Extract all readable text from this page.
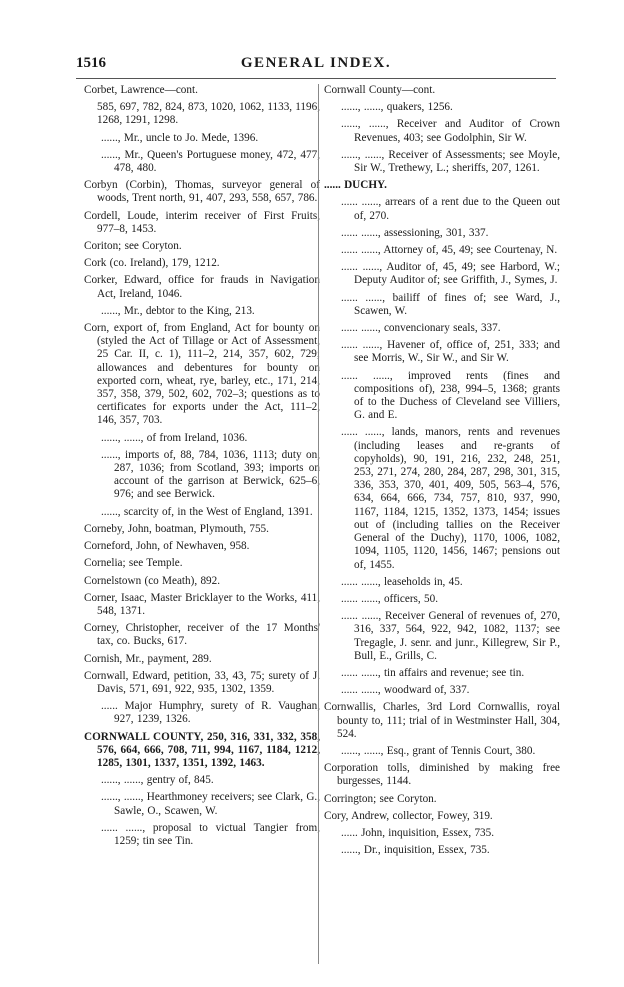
1516	GENERAL INDEX.
Corbet, Lawrence—cont.
585, 697, 782, 824, 873, 1020, 1062, 1133, 1196, 1268, 1291, 1298.
......, Mr., uncle to Jo. Mede, 1396.
......, Mr., Queen's Portuguese money, 472, 477, 478, 480.
Corbyn (Corbin), Thomas, surveyor general of woods, Trent north, 91, 407, 293, 558, 657, 786.
Cordell, Loude, interim receiver of First Fruits, 977–8, 1453.
Coriton; see Coryton.
Cork (co. Ireland), 179, 1212.
Corker, Edward, office for frauds in Navigation Act, Ireland, 1046.
......, Mr., debtor to the King, 213.
Corn, export of, from England, Act for bounty on (styled the Act of Tillage or Act of Assessment, 25 Car. II, c. 1), 111–2, 214, 357, 602, 729; allowances and debentures for bounty on exported corn, wheat, rye, barley, etc., 171, 214, 357, 358, 379, 502, 602, 702–3; questions as to certificates for exports under the Act, 111–2, 146, 357, 703.
......, ......, of from Ireland, 1036.
......, imports of, 88, 784, 1036, 1113; duty on, 287, 1036; from Scotland, 393; imports on account of the garrison at Berwick, 625–6, 976; and see Berwick.
......, scarcity of, in the West of England, 1391.
Corneby, John, boatman, Plymouth, 755.
Corneford, John, of Newhaven, 958.
Cornelia; see Temple.
Cornelstown (co Meath), 892.
Corner, Isaac, Master Bricklayer to the Works, 411, 548, 1371.
Corney, Christopher, receiver of the 17 Months' tax, co. Bucks, 617.
Cornish, Mr., payment, 289.
Cornwall, Edward, petition, 33, 43, 75; surety of J. Davis, 571, 691, 922, 935, 1302, 1359.
...... Major Humphry, surety of R. Vaughan, 927, 1239, 1326.
CORNWALL COUNTY, 250, 316, 331, 332, 358, 576, 664, 666, 708, 711, 994, 1167, 1184, 1212, 1285, 1301, 1337, 1351, 1392, 1463.
......, ......, gentry of, 845.
......, ......, Hearthmoney receivers; see Clark, G., Sawle, O., Scawen, W.
...... ......, proposal to victual Tangier from, 1259; tin see Tin.
Cornwall County—cont.
......, ......, quakers, 1256.
......, ......, Receiver and Auditor of Crown Revenues, 403; see Godolphin, Sir W.
......, ......, Receiver of Assessments; see Moyle, Sir W., Trethewy, L.; sheriffs, 207, 1261.
...... DUCHY.
...... ......, arrears of a rent due to the Queen out of, 270.
...... ......, assessioning, 301, 337.
...... ......, Attorney of, 45, 49; see Courtenay, N.
...... ......, Auditor of, 45, 49; see Harbord, W.; Deputy Auditor of; see Griffith, J., Symes, J.
...... ......, bailiff of fines of; see Ward, J., Scawen, W.
...... ......, convencionary seals, 337.
...... ......, Havener of, office of, 251, 333; and see Morris, W., Sir W., and Sir W.
...... ......, improved rents (fines and compositions of), 238, 994–5, 1368; grants of to the Duchess of Cleveland see Villiers, G. and E.
...... ......, lands, manors, rents and revenues (including leases and re-grants of copyholds), 90, 191, 216, 232, 248, 251, 253, 271, 274, 280, 284, 287, 298, 301, 315, 336, 353, 370, 401, 409, 505, 563–4, 576, 634, 664, 666, 734, 757, 810, 937, 990, 1167, 1184, 1215, 1352, 1373, 1454; issues out of (including tallies on the Receiver General of the Duchy), 1170, 1006, 1082, 1094, 1105, 1120, 1456, 1467; pensions out of, 1455.
...... ......, leaseholds in, 45.
...... ......, officers, 50.
...... ......, Receiver General of revenues of, 270, 316, 337, 564, 922, 942, 1082, 1137; see Tregagle, J. senr. and junr., Killegrew, Sir P., Bull, E., Grills, C.
...... ......, tin affairs and revenue; see tin.
...... ......, woodward of, 337.
Cornwallis, Charles, 3rd Lord Cornwallis, royal bounty to, 111; trial of in Westminster Hall, 304, 524.
......, ......, Esq., grant of Tennis Court, 380.
Corporation tolls, diminished by making free burgesses, 1144.
Corrington; see Coryton.
Cory, Andrew, collector, Fowey, 319.
...... John, inquisition, Essex, 735.
......, Dr., inquisition, Essex, 735.
